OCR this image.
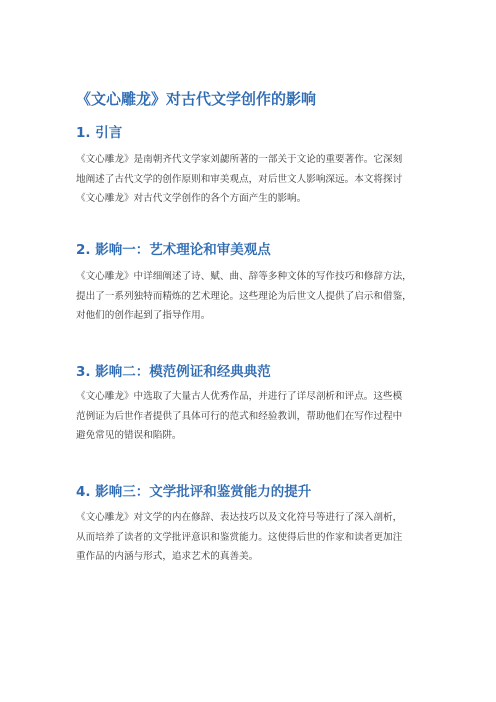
《文心雕龙》对古代文学创作的影响
1. 引言
《文心雕龙》是南朝齐代文学家刘勰所著的一部关于文论的重要著作。它深刻
地阐述了古代文学的创作原则和审美观点，对后世文人影响深远。本文将探讨
《文心雕龙》对古代文学创作的各个方面产生的影响。
2. 影响一：艺术理论和审美观点
《文心雕龙》中详细阐述了诗、赋、曲、辞等多种文体的写作技巧和修辞方法，
提出了一系列独特而精炼的艺术理论。这些理论为后世文人提供了启示和借鉴，
对他们的创作起到了指导作用。
3. 影响二：模范例证和经典典范
《文心雕龙》中选取了大量古人优秀作品，并进行了详尽剖析和评点。这些模
范例证为后世作者提供了具体可行的范式和经验教训，帮助他们在写作过程中
避免常见的错误和陷阱。
4. 影响三：文学批评和鉴赏能力的提升
《文心雕龙》对文学的内在修辞、表达技巧以及文化符号等进行了深入剖析，
从而培养了读者的文学批评意识和鉴赏能力。这使得后世的作家和读者更加注
重作品的内涵与形式，追求艺术的真善美。
